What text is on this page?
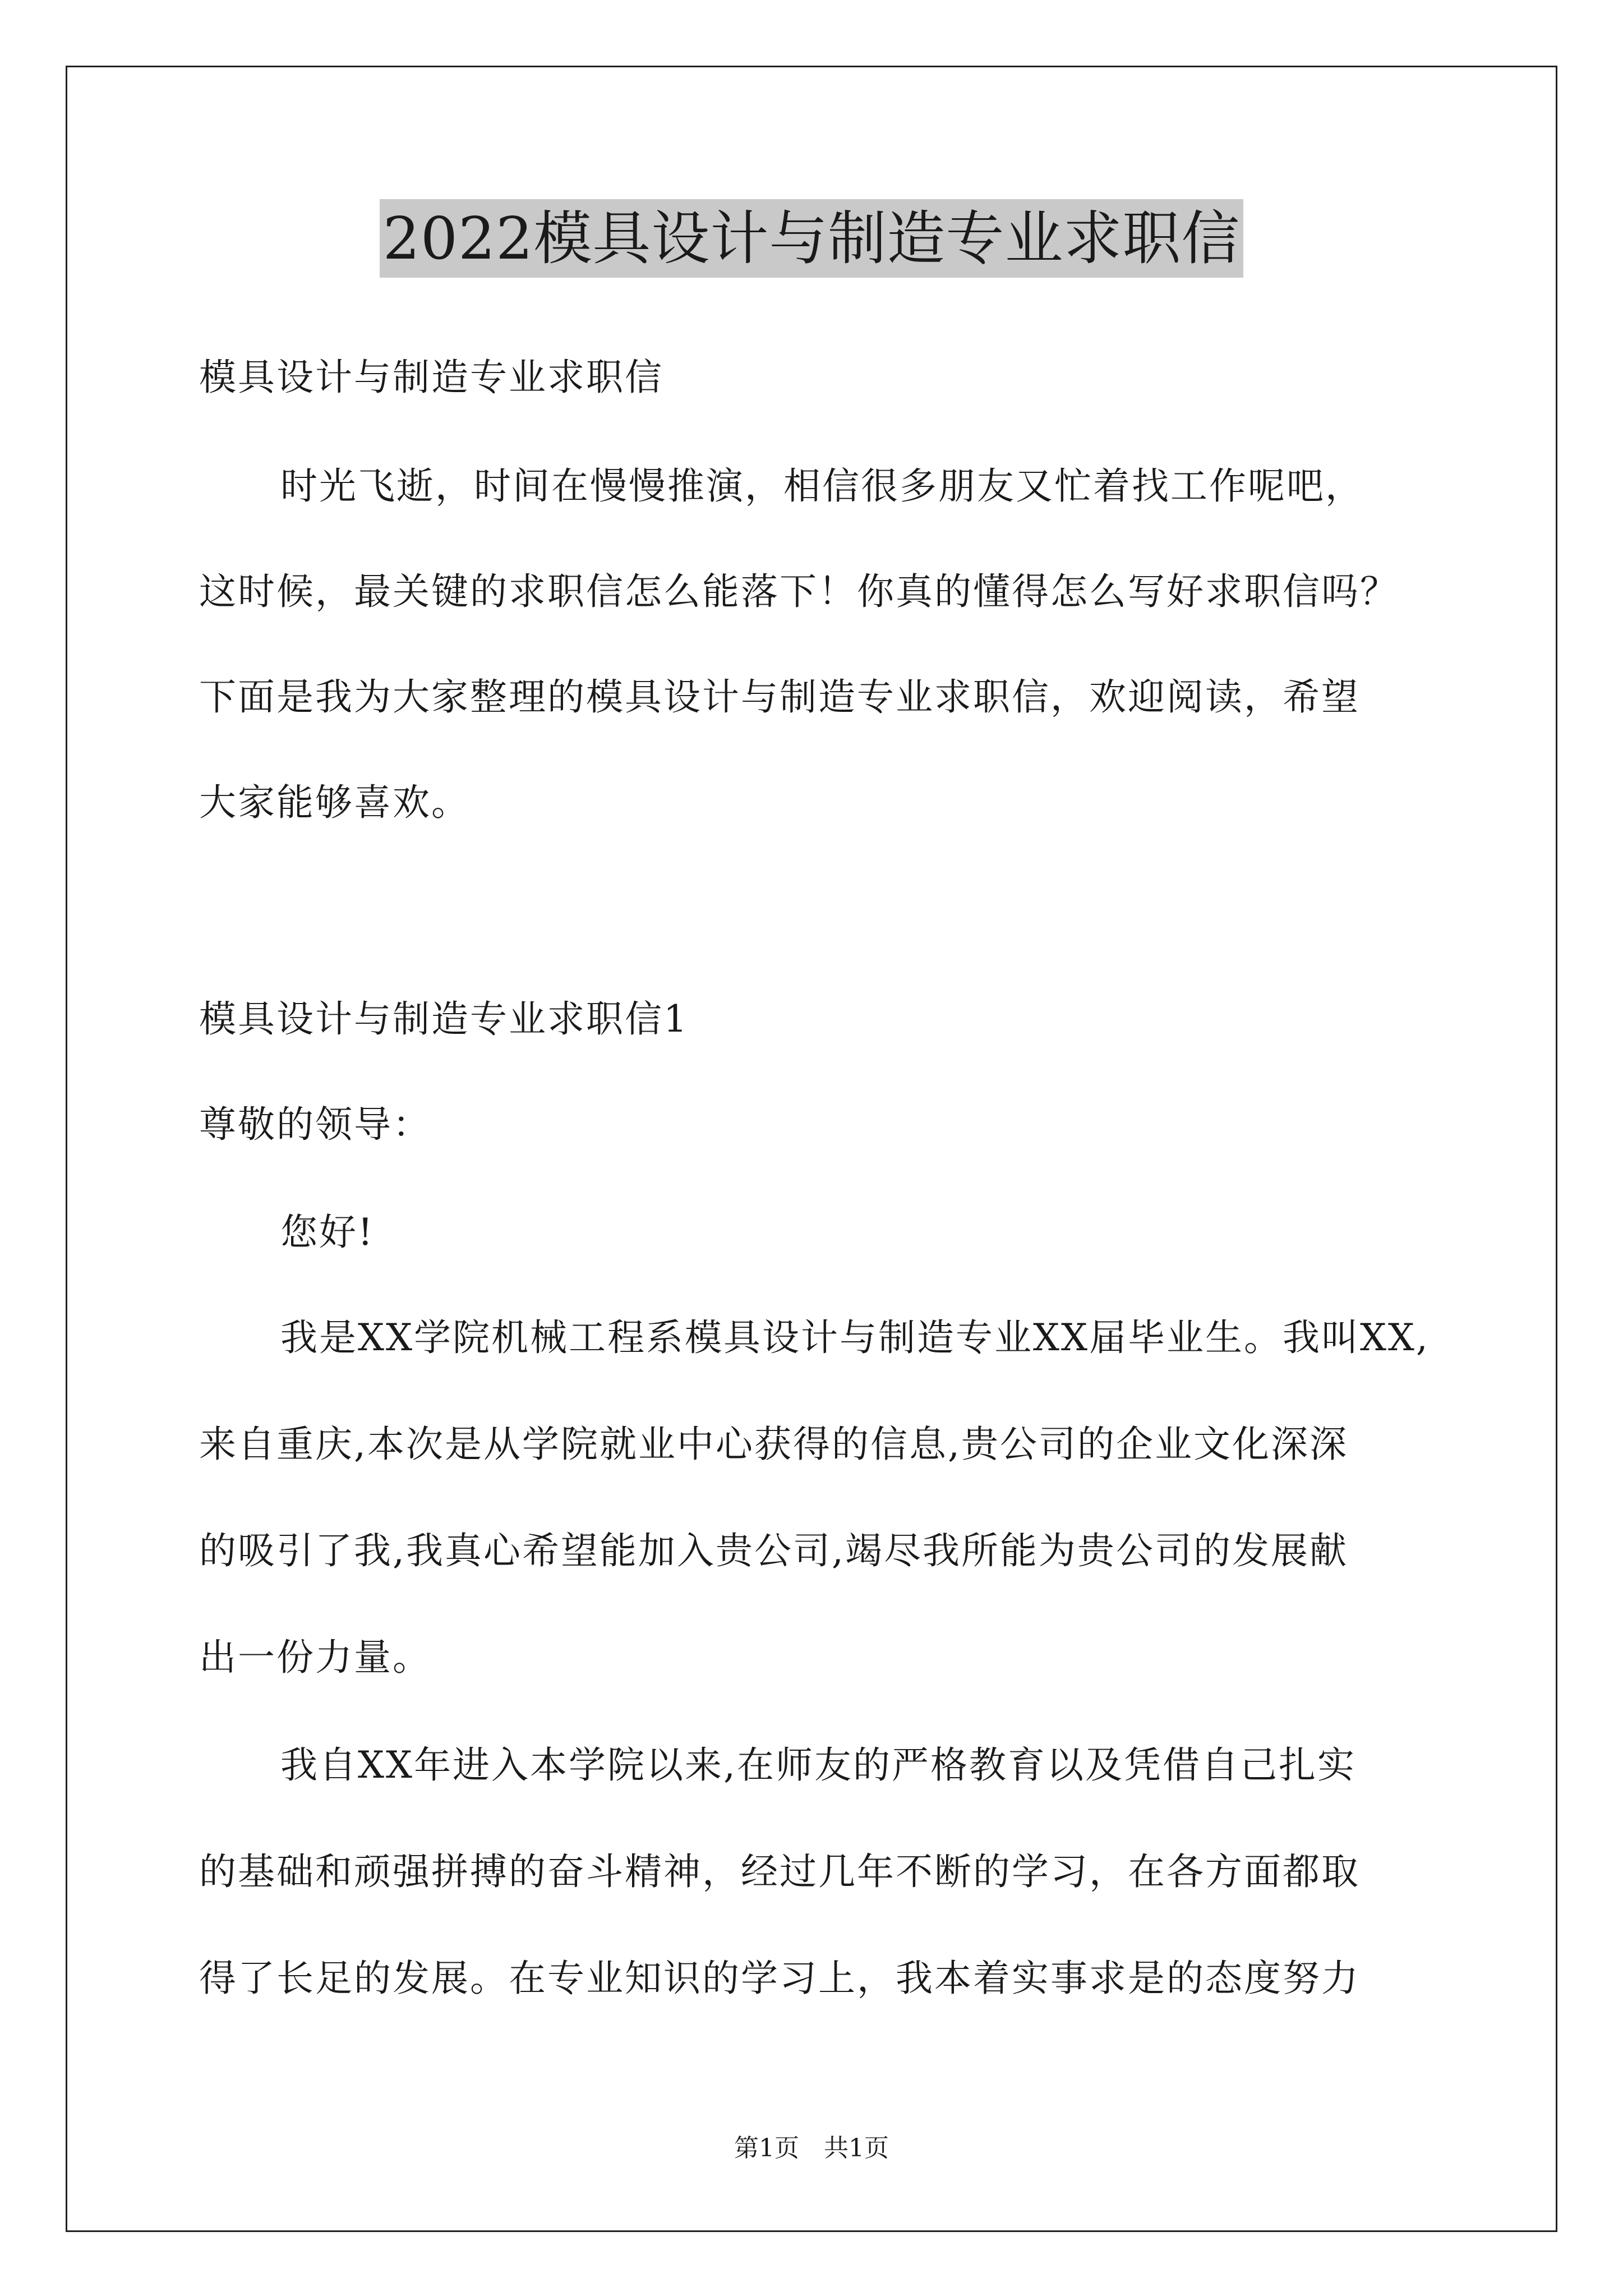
2022模具设计与制造专业求职信
模具设计与制造专业求职信
时光飞逝，时间在慢慢推演，相信很多朋友又忙着找工作呢吧，
这时候，最关键的求职信怎么能落下！你真的懂得怎么写好求职信吗？
下面是我为大家整理的模具设计与制造专业求职信，欢迎阅读，希望
大家能够喜欢。
模具设计与制造专业求职信1
尊敬的领导：
您好!
我是XX学院机械工程系模具设计与制造专业XX届毕业生。我叫XX,
来自重庆,本次是从学院就业中心获得的信息,贵公司的企业文化深深
的吸引了我,我真心希望能加入贵公司,竭尽我所能为贵公司的发展献
出一份力量。
我自XX年进入本学院以来,在师友的严格教育以及凭借自己扎实
的基础和顽强拼搏的奋斗精神，经过几年不断的学习，在各方面都取
得了长足的发展。在专业知识的学习上，我本着实事求是的态度努力
第1页　共1页
